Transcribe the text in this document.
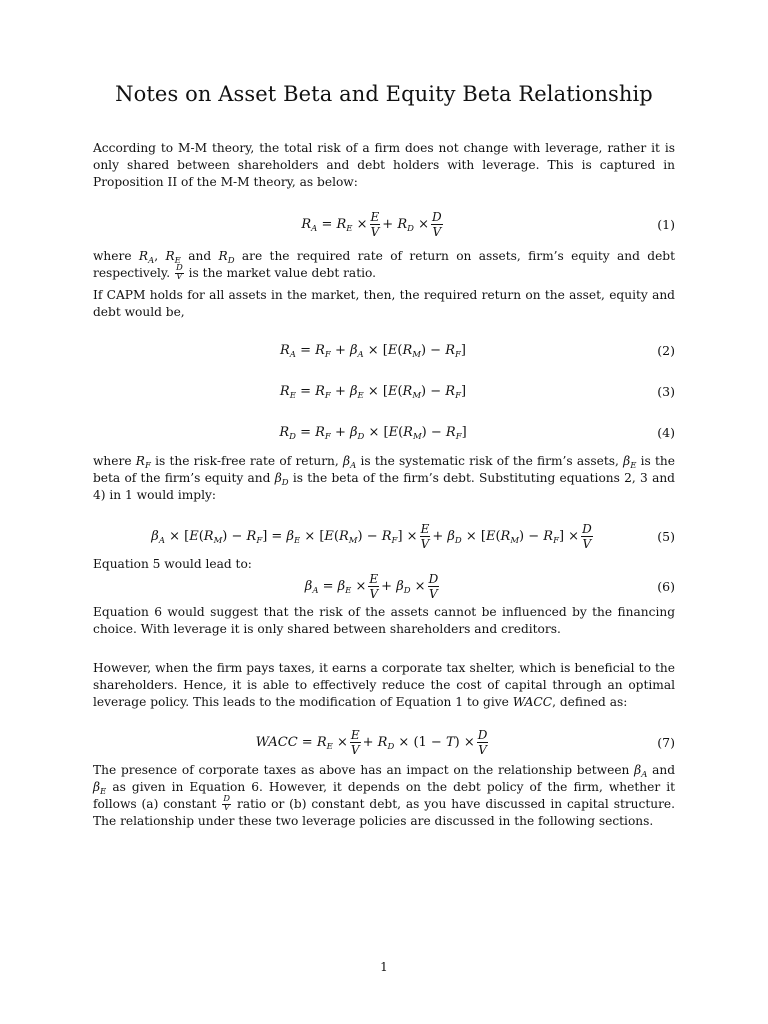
Notes on Asset Beta and Equity Beta Relationship
According to M-M theory, the total risk of a firm does not change with leverage, rather it is only shared between shareholders and debt holders with leverage. This is captured in Proposition II of the M-M theory, as below:
$R_A = R_E \times \frac{E}{V} + R_D \times \frac{D}{V}$	(1)
where $R_A$, $R_E$ and $R_D$ are the required rate of return on assets, firm’s equity and debt respectively. $\frac{D}{V}$ is the market value debt ratio.
If CAPM holds for all assets in the market, then, the required return on the asset, equity and debt would be,
$R_A = R_F + \beta_A \times [E(R_M) - R_F]$	(2)
$R_E = R_F + \beta_E \times [E(R_M) - R_F]$	(3)
$R_D = R_F + \beta_D \times [E(R_M) - R_F]$	(4)
where $R_F$ is the risk-free rate of return, $\beta_A$ is the systematic risk of the firm’s assets, $\beta_E$ is the beta of the firm’s equity and $\beta_D$ is the beta of the firm’s debt. Substituting equations 2, 3 and 4) in 1 would imply:
$\beta_A \times [E(R_M) - R_F] = \beta_E \times [E(R_M) - R_F] \times \frac{E}{V} + \beta_D \times [E(R_M) - R_F] \times \frac{D}{V}$	(5)
Equation 5 would lead to:
$\beta_A = \beta_E \times \frac{E}{V} + \beta_D \times \frac{D}{V}$	(6)
Equation 6 would suggest that the risk of the assets cannot be influenced by the financing choice. With leverage it is only shared between shareholders and creditors.
However, when the firm pays taxes, it earns a corporate tax shelter, which is beneficial to the shareholders. Hence, it is able to effectively reduce the cost of capital through an optimal leverage policy. This leads to the modification of Equation 1 to give WACC, defined as:
WACC = $R_E \times \frac{E}{V} + R_D \times (1 - T) \times \frac{D}{V}$	(7)
The presence of corporate taxes as above has an impact on the relationship between $\beta_A$ and $\beta_E$ as given in Equation 6. However, it depends on the debt policy of the firm, whether it follows (a) constant $\frac{D}{V}$ ratio or (b) constant debt, as you have discussed in capital structure. The relationship under these two leverage policies are discussed in the following sections.
1
